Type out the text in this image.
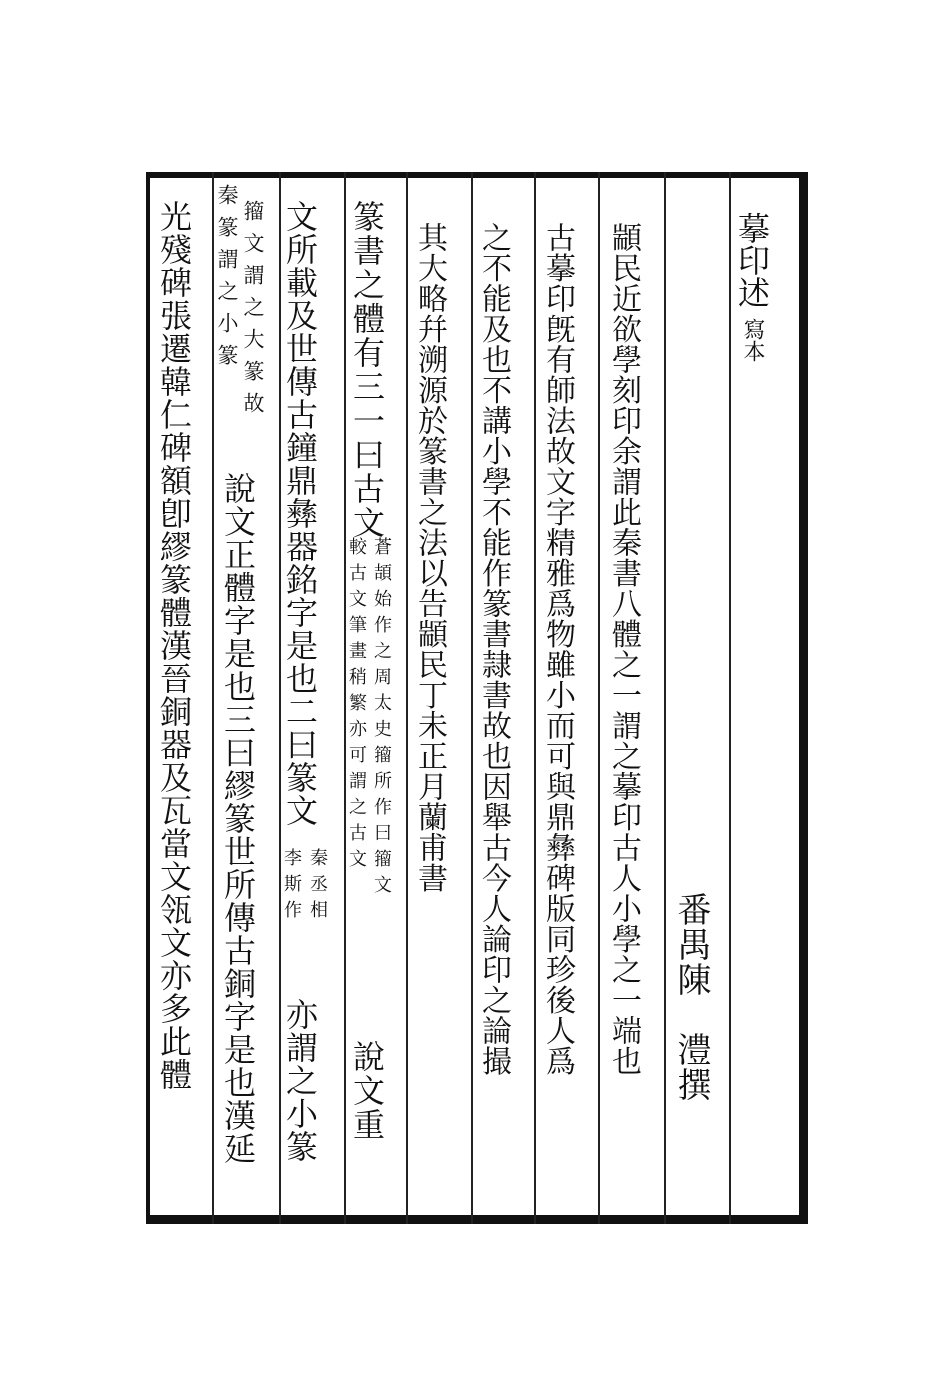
摹印述寫本
番禺陳　澧撰
顓民近欲學刻印余謂此秦書八體之一謂之摹印古人小學之一端也
古摹印旣有師法故文字精雅爲物雖小而可與鼎彝碑版同珍後人爲
之不能及也不講小學不能作篆書隷書故也因舉古今人論印之論撮
其大略幷溯源於篆書之法以告顓民丁未正月蘭甫書
篆書之體有三一曰古文
蒼頡始作之周太史籀所作曰籀文
較古文筆畫稍繁亦可謂之古文
說文重
文所載及世傳古鐘鼎彝器銘字是也二曰篆文
秦丞相
李斯作
亦謂之小篆
籀文謂之大篆故
秦篆謂之小篆
說文正體字是也三曰繆篆世所傳古銅字是也漢延
光殘碑張遷韓仁碑額卽繆篆體漢晉銅器及瓦當文瓴文亦多此體
